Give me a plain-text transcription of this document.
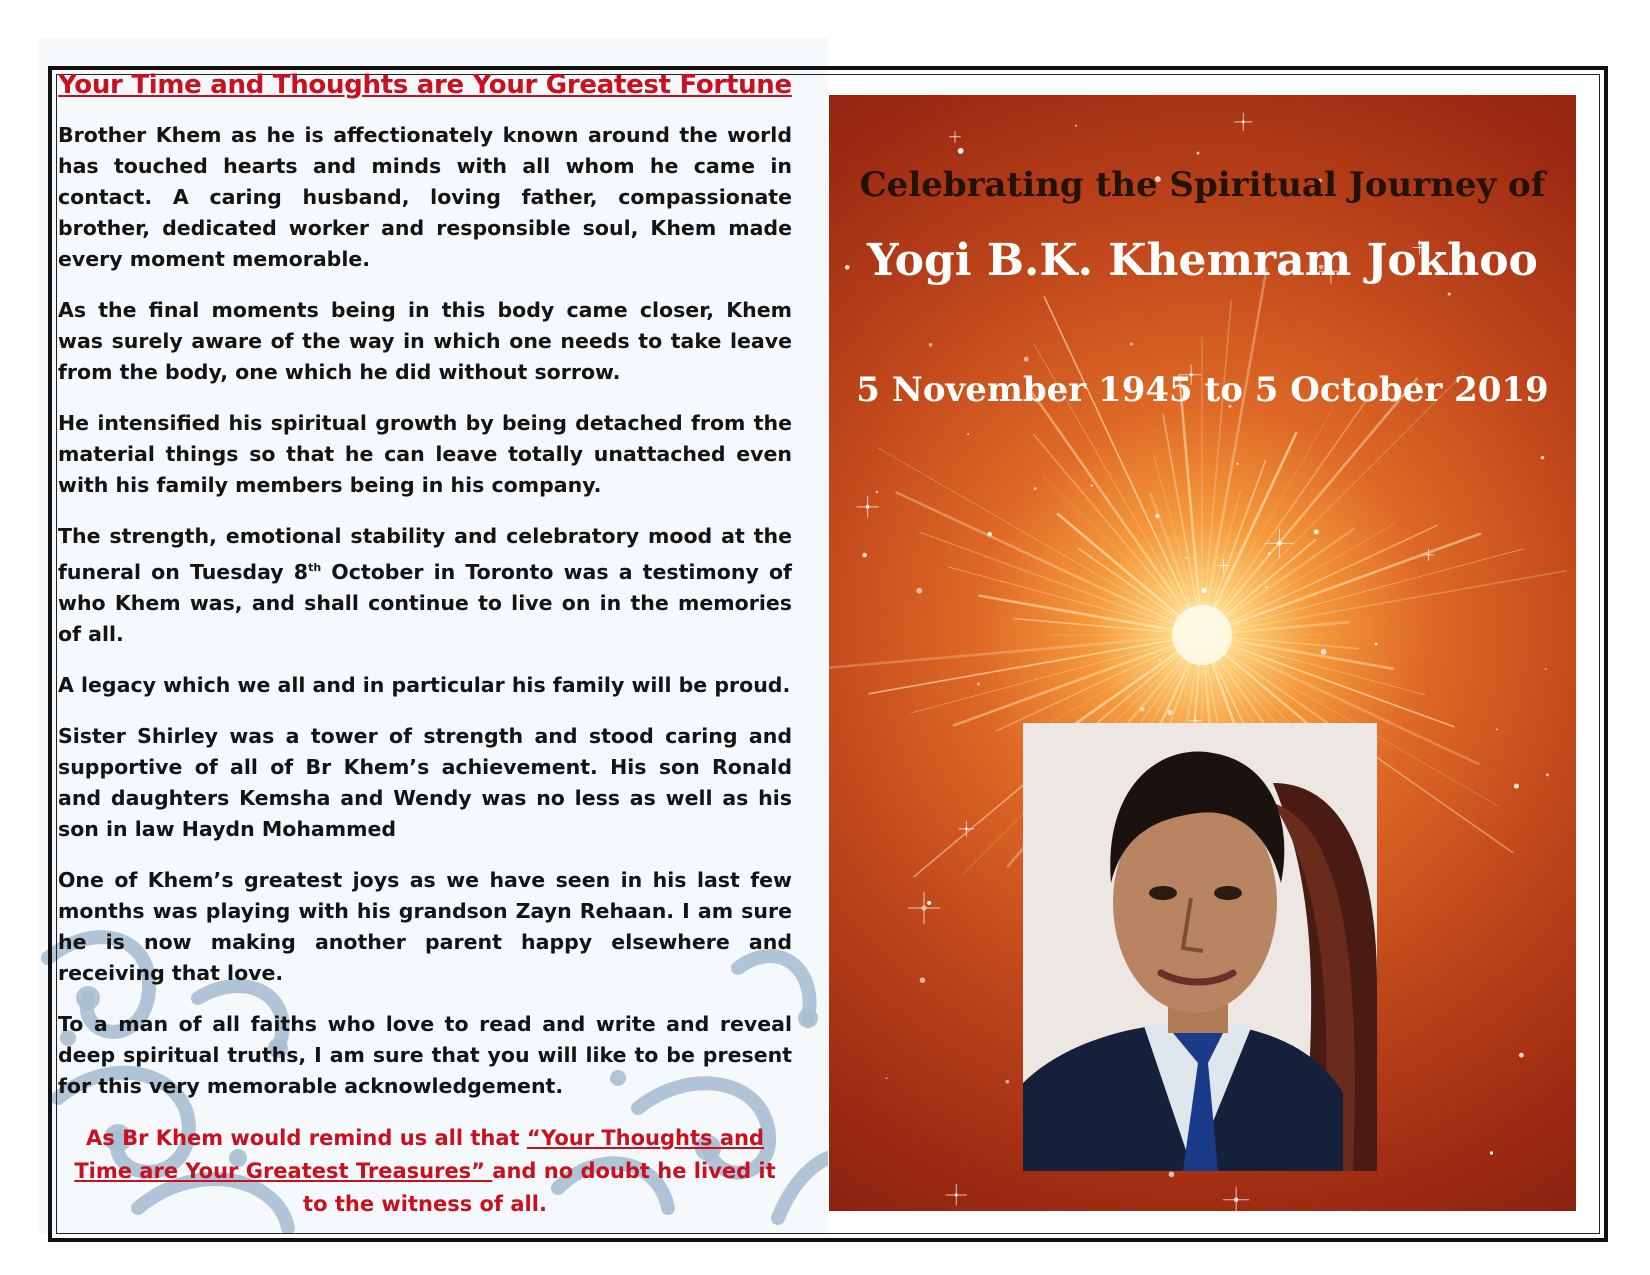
Your Time and Thoughts are Your Greatest Fortune

Brother Khem as he is affectionately known around the world has touched hearts and minds with all whom he came in contact. A caring husband, loving father, compassionate brother, dedicated worker and responsible soul, Khem made every moment memorable.

As the final moments being in this body came closer, Khem was surely aware of the way in which one needs to take leave from the body, one which he did without sorrow.

He intensified his spiritual growth by being detached from the material things so that he can leave totally unattached even with his family members being in his company.

The strength, emotional stability and celebratory mood at the funeral on Tuesday 8th October in Toronto was a testimony of who Khem was, and shall continue to live on in the memories of all.

A legacy which we all and in particular his family will be proud.

Sister Shirley was a tower of strength and stood caring and supportive of all of Br Khem’s achievement. His son Ronald and daughters Kemsha and Wendy was no less as well as his son in law Haydn Mohammed

One of Khem’s greatest joys as we have seen in his last few months was playing with his grandson Zayn Rehaan. I am sure he is now making another parent happy elsewhere and receiving that love.

To a man of all faiths who love to read and write and reveal deep spiritual truths, I am sure that you will like to be present for this very memorable acknowledgement.

As Br Khem would remind us all that “Your Thoughts and Time are Your Greatest Treasures” and no doubt he lived it to the witness of all.

Celebrating the Spiritual Journey of
Yogi B.K. Khemram Jokhoo
5 November 1945 to 5 October 2019
